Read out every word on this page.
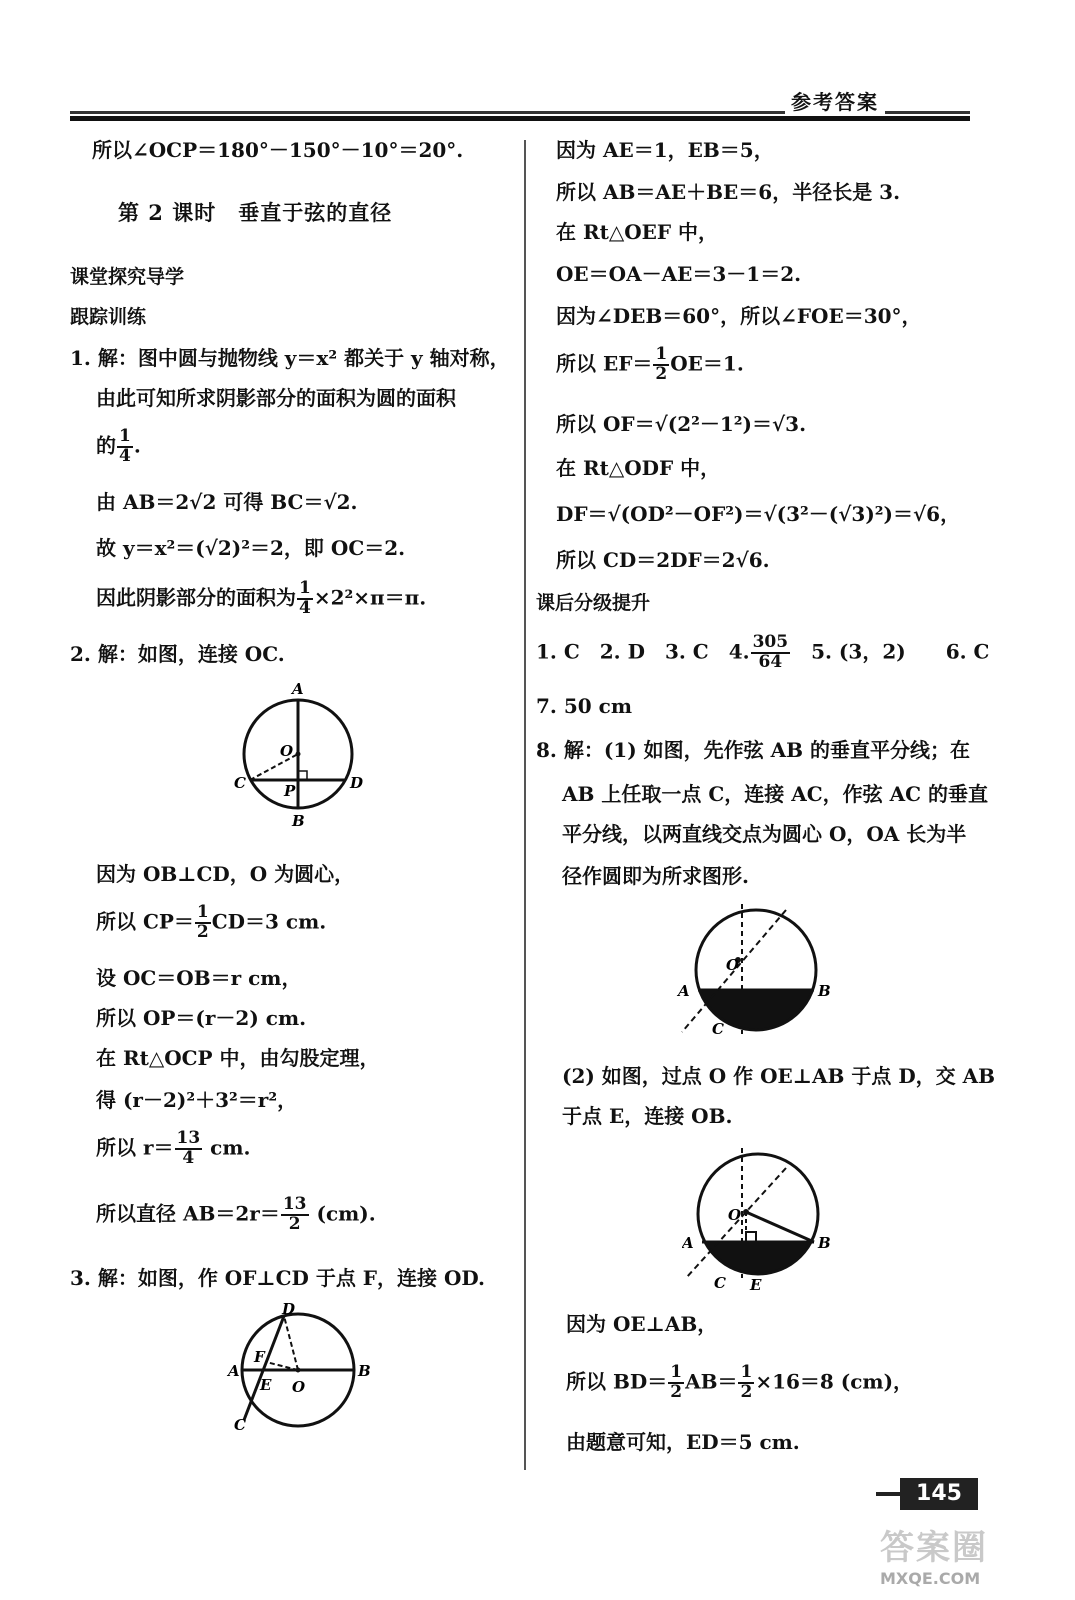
参考答案
所以∠OCP＝180°－150°－10°＝20°.
第 2 课时　垂直于弦的直径
课堂探究导学
跟踪训练
1. 解：图中圆与抛物线 y＝x² 都关于 y 轴对称，
由此可知所求阴影部分的面积为圆的面积
的 $\frac{1}{4}$ .
由 AB＝2√2 可得 BC＝√2.
故 y＝x²＝(√2)²＝2，即 OC＝2.
因此阴影部分的面积为 $\frac{1}{4} \times 2^2\times\pi=\pi$.
2. 解：如图，连接 OC.
A
O
C	P	D
B
因为 OB⊥CD，O 为圆心，
所以 $CP= \frac{1}{2} CD=3$ cm.
设 OC＝OB＝r cm，
所以 OP＝(r－2) cm.
在 Rt△OCP 中，由勾股定理，
得 (r－2)²＋3²＝r²，
所以 $r= \frac{13}{4}$ cm.
所以直径 $AB=2r= \frac{13}{2} (cm)$.
3. 解：如图，作 OF⊥CD 于点 F，连接 OD.
D
F
A
E O
B
C
因为 AE＝1，EB＝5，
所以 AB＝AE＋BE＝6，半径长是 3.
在 Rt△OEF 中，
OE＝OA－AE＝3－1＝2.
因为∠DEB＝60°，所以∠FOE＝30°，
所以 $EF= \frac{1}{2} OE=1$.
所以 OF＝√(2²－1²)＝√3.
在 Rt△ODF 中，
DF＝√(OD²－OF²)＝√(3²－(√3)²)＝√6，
所以 CD＝2DF＝2√6.
课后分级提升
1. C　2. D　3. C　4. $\frac{305}{64}$ 　5. (3，2)　　6. C
7. 50 cm
8. 解：(1) 如图，先作弦 AB 的垂直平分线；在
AB 上任取一点 C，连接 AC，作弦 AC 的垂直
平分线，以两直线交点为圆心 O，OA 长为半
径作圆即为所求图形.
O
A	B
C
(2) 如图，过点 O 作 OE⊥AB 于点 D，交 AB
于点 E，连接 OB.
O
A	B
C E
因为 OE⊥AB，
所以 $BD= \frac{1}{2} AB= \frac{1}{2} \times 16=8$ (cm)，
由题意可知，ED＝5 cm.
145
答案圈
MXQE.COM
